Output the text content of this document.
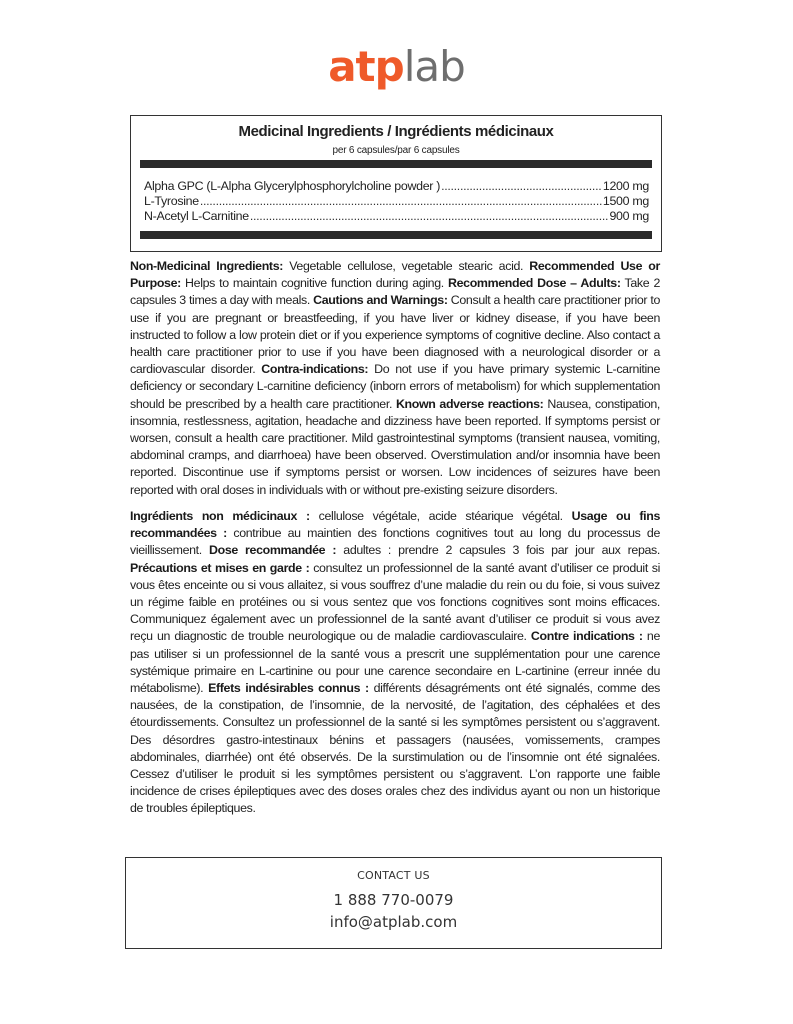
atplab
Medicinal Ingredients / Ingrédients médicinaux
per 6 capsules/par 6 capsules
Alpha GPC (L-Alpha Glycerylphosphorylcholine powder ) .....	1200 mg
L-Tyrosine .....	1500 mg
N-Acetyl L-Carnitine .....	900 mg

Non-Medicinal Ingredients: Vegetable cellulose, vegetable stearic acid. Recommended Use or Purpose: Helps to maintain cognitive function during aging. Recommended Dose – Adults: Take 2 capsules 3 times a day with meals. Cautions and Warnings: Consult a health care practitioner prior to use if you are pregnant or breastfeeding, if you have liver or kidney disease, if you have been instructed to follow a low protein diet or if you experience symptoms of cognitive decline. Also contact a health care practitioner prior to use if you have been diagnosed with a neurological disorder or a cardiovascular disorder. Contra-indications: Do not use if you have primary systemic L-carnitine deficiency or secondary L-carnitine deficiency (inborn errors of metabolism) for which supplementation should be prescribed by a health care practitioner. Known adverse reactions: Nausea, constipation, insomnia, restlessness, agitation, headache and dizziness have been reported. If symptoms persist or worsen, consult a health care practitioner. Mild gastrointestinal symptoms (transient nausea, vomiting, abdominal cramps, and diarrhoea) have been observed. Overstimulation and/or insomnia have been reported. Discontinue use if symptoms persist or worsen. Low incidences of seizures have been reported with oral doses in individuals with or without pre-existing seizure disorders.

Ingrédients non médicinaux : cellulose végétale, acide stéarique végétal. Usage ou fins recommandées : contribue au maintien des fonctions cognitives tout au long du processus de vieillissement. Dose recommandée : adultes : prendre 2 capsules 3 fois par jour aux repas. Précautions et mises en garde : consultez un professionnel de la santé avant d’utiliser ce produit si vous êtes enceinte ou si vous allaitez, si vous souffrez d’une maladie du rein ou du foie, si vous suivez un régime faible en protéines ou si vous sentez que vos fonctions cognitives sont moins efficaces. Communiquez également avec un professionnel de la santé avant d’utiliser ce produit si vous avez reçu un diagnostic de trouble neurologique ou de maladie cardiovasculaire. Contre indications : ne pas utiliser si un professionnel de la santé vous a prescrit une supplémentation pour une carence systémique primaire en L-cartinine ou pour une carence secondaire en L-cartinine (erreur innée du métabolisme). Effets indésirables connus : différents désagréments ont été signalés, comme des nausées, de la constipation, de l’insomnie, de la nervosité, de l’agitation, des céphalées et des étourdissements. Consultez un professionnel de la santé si les symptômes persistent ou s’aggravent. Des désordres gastro-intestinaux bénins et passagers (nausées, vomissements, crampes abdominales, diarrhée) ont été observés. De la surstimulation ou de l’insomnie ont été signalées. Cessez d’utiliser le produit si les symptômes persistent ou s’aggravent. L’on rapporte une faible incidence de crises épileptiques avec des doses orales chez des individus ayant ou non un historique de troubles épileptiques.

CONTACT US
1 888 770-0079
info@atplab.com
